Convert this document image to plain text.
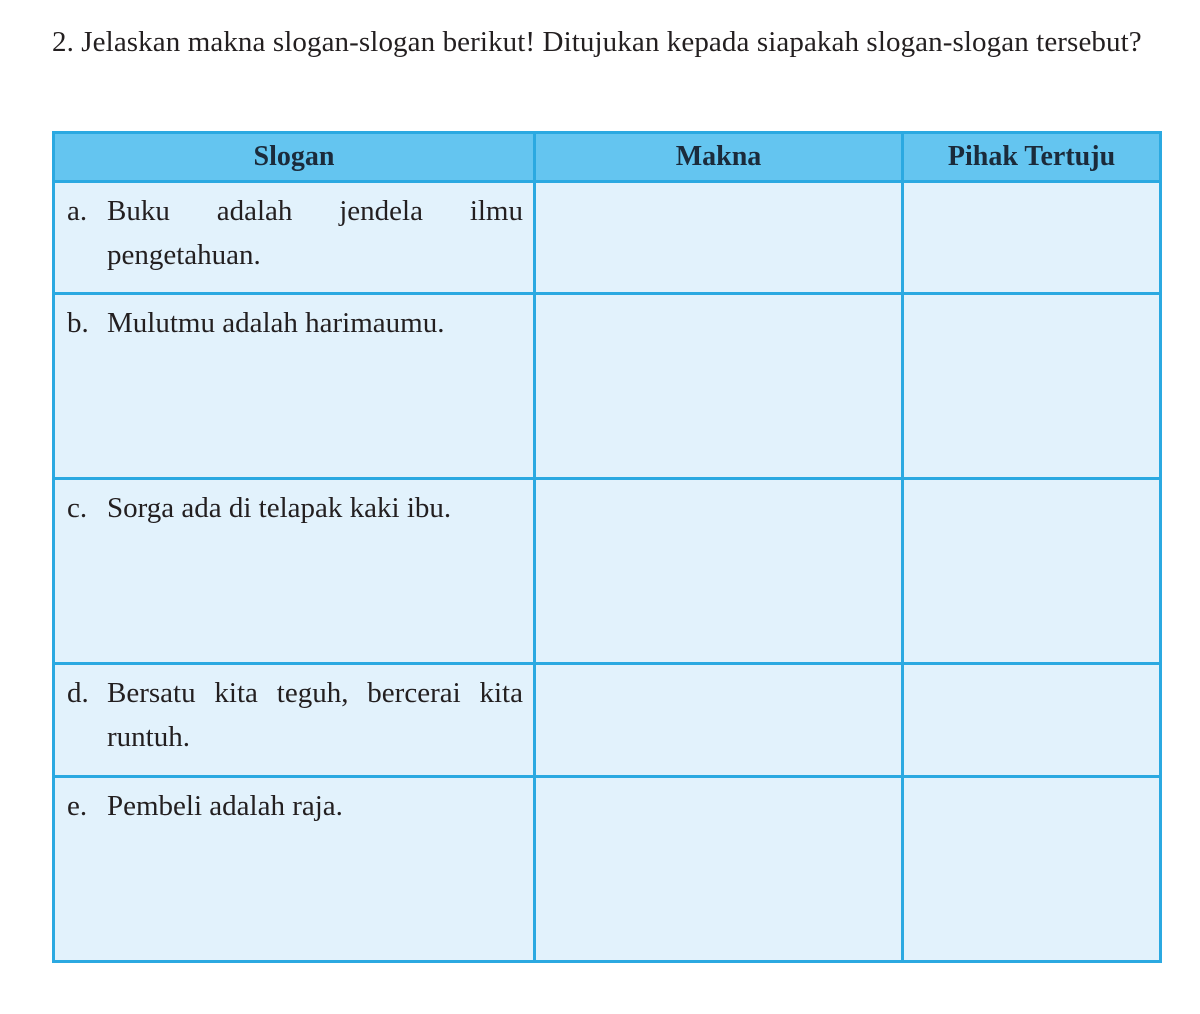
2. Jelaskan makna slogan-slogan berikut! Ditujukan kepada siapakah slogan-slogan tersebut?
Slogan	Makna	Pihak Tertuju

a. Buku adalah jendela ilmu pengetahuan.		

b. Mulutmu adalah harimaumu.		

c. Sorga ada di telapak kaki ibu.		

d. Bersatu kita teguh, bercerai kita runtuh.		

e. Pembeli adalah raja.		
